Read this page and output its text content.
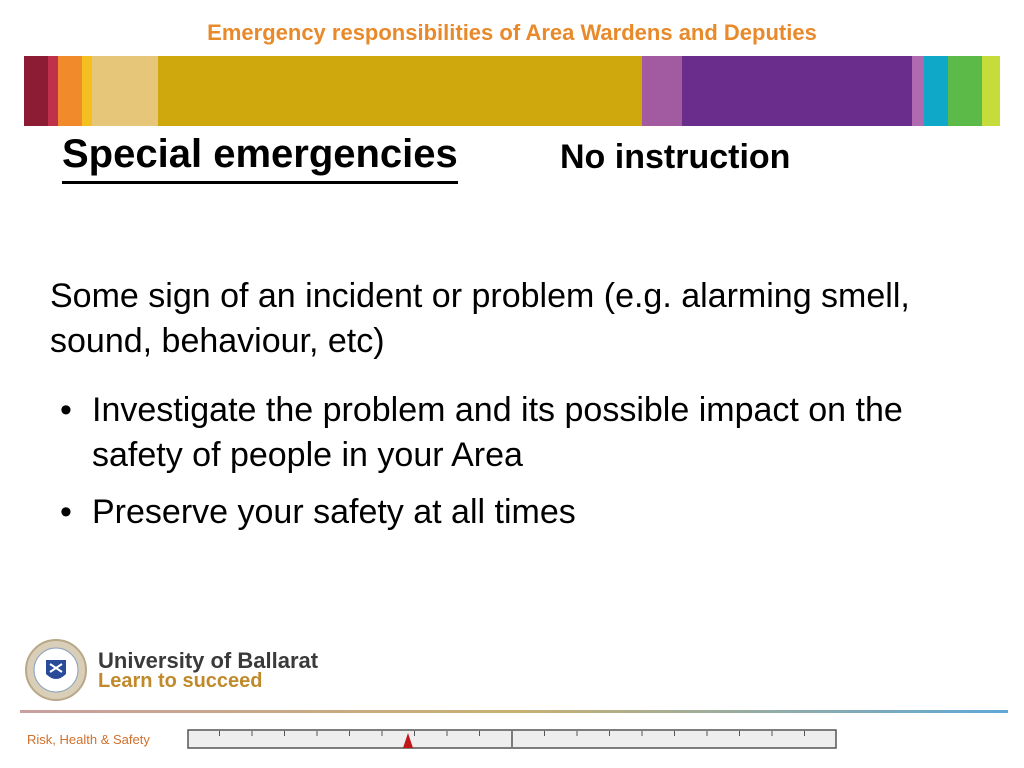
Emergency responsibilities of Area Wardens and Deputies
Special emergencies	No instruction
Some sign of an incident or problem (e.g. alarming smell, sound, behaviour, etc)
• Investigate the problem and its possible impact on the safety of people in your Area
• Preserve your safety at all times
University of Ballarat
Learn to succeed
Risk, Health & Safety
